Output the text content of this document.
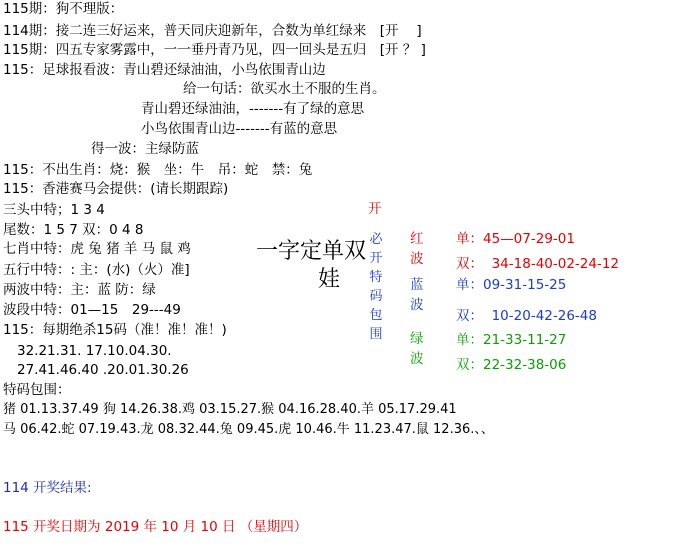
115期：狗不理版：
114期：接二连三好运来，普天同庆迎新年，合数为单红绿来　[开　 ]
115期：四五专家雾露中，一一垂丹青乃见，四一回头是五归　[开 ？ ]
115：足球报看波：青山碧还绿油油，小鸟依围青山边
给一句话：欲买水土不服的生肖。
青山碧还绿油油，-------有了绿的意思
小鸟依围青山边-------有蓝的意思
得一波：主绿防蓝
115：不出生肖：烧：猴　坐：牛　吊：蛇　禁：兔
115：香港赛马会提供：(请长期跟踪)
三头中特；1 3 4
尾数：1 5 7 双：0 4 8
七肖中特：虎 兔 猪 羊 马 鼠 鸡
五行中特：: 主：(水)（火）准]
两波中特：主：蓝 防：绿
波段中特：01—15　29---49
115：每期绝杀15码（准！准！准！)
32.21.31. 17.10.04.30.
27.41.46.40 .20.01.30.26
特码包围：
猪 01.13.37.49 狗 14.26.38.鸡 03.15.27.猴 04.16.28.40.羊 05.17.29.41
马 06.42.蛇 07.19.43.龙 08.32.44.兔 09.45.虎 10.46.牛 11.23.47.鼠 12.36.、、
114 开奖结果:
115 开奖日期为 2019 年 10 月 10 日 （星期四）
一字定单双
娃
开
必开特码包围
红
波
蓝
波
绿
波
单：45—07-29-01
双： 34-18-40-02-24-12
单：09-31-15-25
双： 10-20-42-26-48
单：21-33-11-27
双：22-32-38-06
